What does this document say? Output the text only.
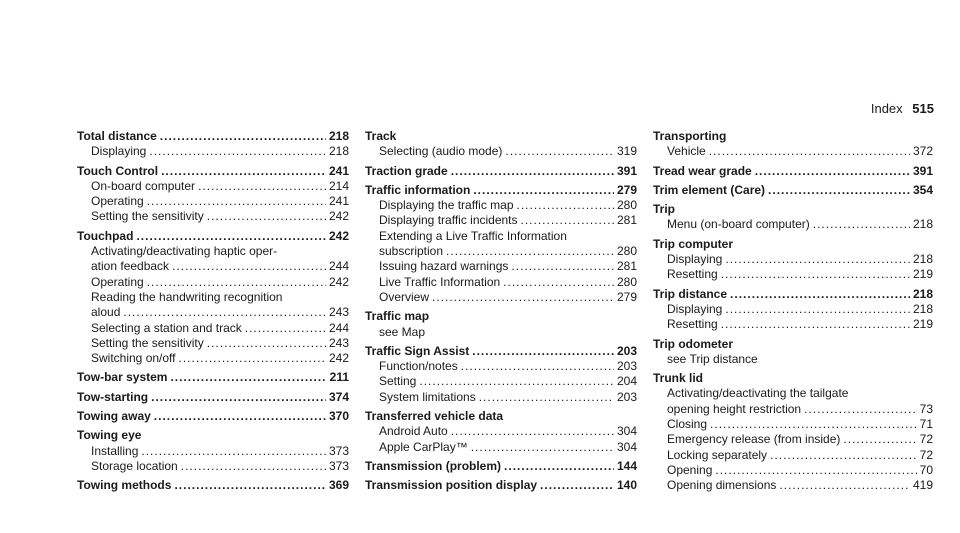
Index 515
Total distance .....	218
Displaying .....	218
Touch Control .....	241
On-board computer .....	214
Operating .....	241
Setting the sensitivity .....	242
Touchpad .....	242
Activating/deactivating haptic oper-
ation feedback .....	244
Operating .....	242
Reading the handwriting recognition
aloud .....	243
Selecting a station and track .....	244
Setting the sensitivity .....	243
Switching on/off .....	242
Tow-bar system .....	211
Tow-starting .....	374
Towing away .....	370
Towing eye
Installing .....	373
Storage location .....	373
Towing methods .....	369
Track
Selecting (audio mode) .....	319
Traction grade .....	391
Traffic information .....	279
Displaying the traffic map .....	280
Displaying traffic incidents .....	281
Extending a Live Traffic Information
subscription .....	280
Issuing hazard warnings .....	281
Live Traffic Information .....	280
Overview .....	279
Traffic map
see Map
Traffic Sign Assist .....	203
Function/notes .....	203
Setting .....	204
System limitations .....	203
Transferred vehicle data
Android Auto .....	304
Apple CarPlay™ .....	304
Transmission (problem) .....	144
Transmission position display .....	140
Transporting
Vehicle .....	372
Tread wear grade .....	391
Trim element (Care) .....	354
Trip
Menu (on-board computer) .....	218
Trip computer
Displaying .....	218
Resetting .....	219
Trip distance .....	218
Displaying .....	218
Resetting .....	219
Trip odometer
see Trip distance
Trunk lid
Activating/deactivating the tailgate
opening height restriction .....	73
Closing .....	71
Emergency release (from inside) .....	72
Locking separately .....	72
Opening .....	70
Opening dimensions .....	419
